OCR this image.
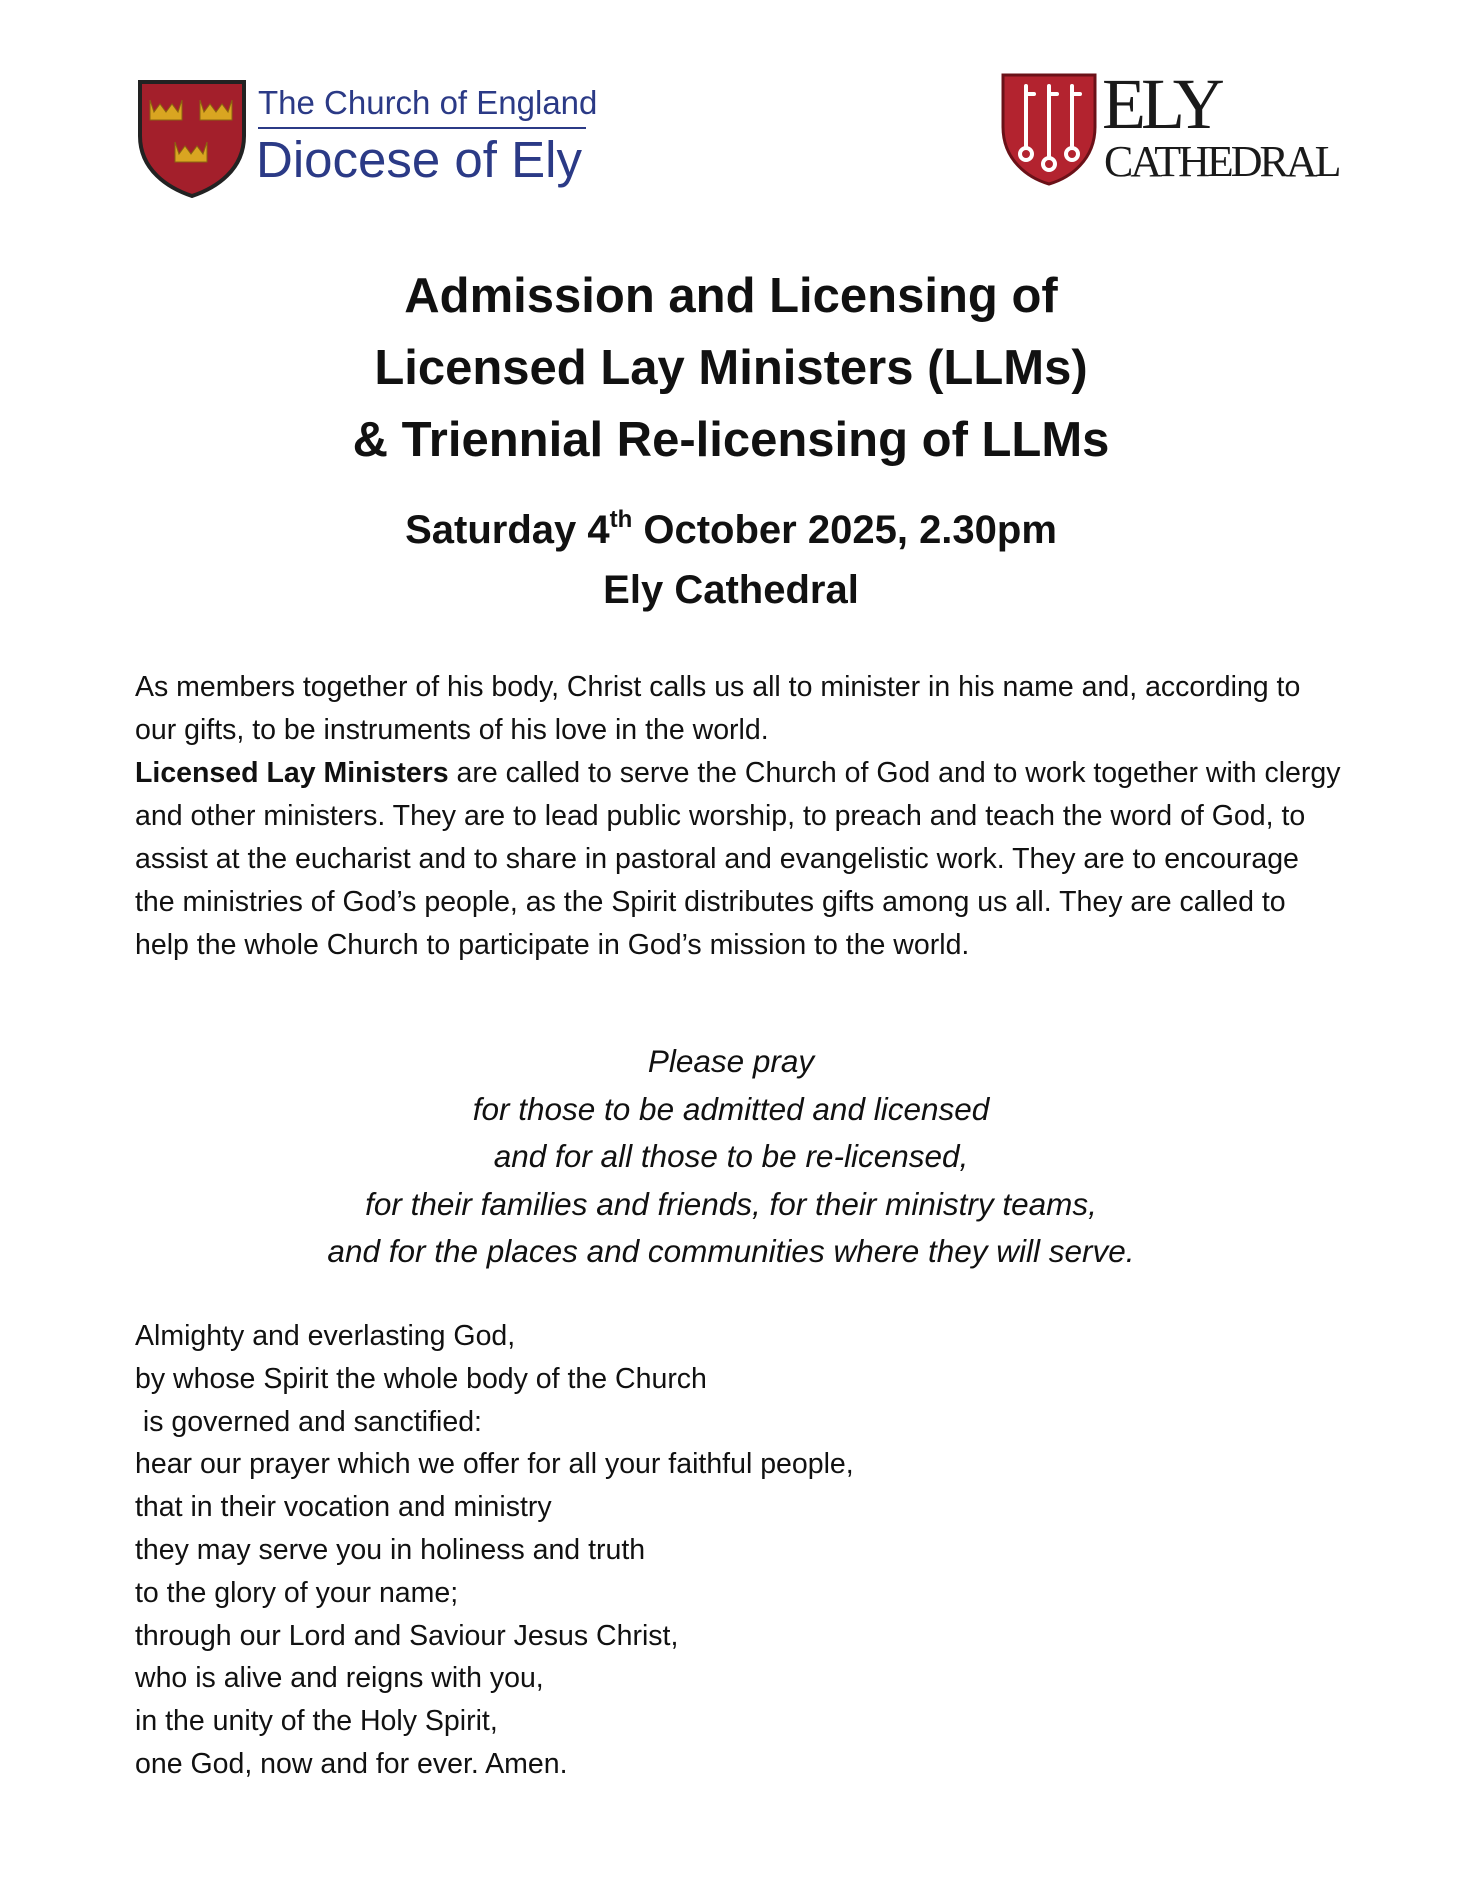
The Church of England
Diocese of Ely
ELY
CATHEDRAL
Admission and Licensing of
Licensed Lay Ministers (LLMs)
& Triennial Re-licensing of LLMs
Saturday 4th October 2025, 2.30pm
Ely Cathedral

As members together of his body, Christ calls us all to minister in his name and, according to our gifts, to be instruments of his love in the world.

Licensed Lay Ministers are called to serve the Church of God and to work together with clergy and other ministers. They are to lead public worship, to preach and teach the word of God, to assist at the eucharist and to share in pastoral and evangelistic work. They are to encourage the ministries of God’s people, as the Spirit distributes gifts among us all. They are called to help the whole Church to participate in God’s mission to the world.

Please pray
for those to be admitted and licensed
and for all those to be re-licensed,
for their families and friends, for their ministry teams,
and for the places and communities where they will serve.
Almighty and everlasting God,
by whose Spirit the whole body of the Church
is governed and sanctified:
hear our prayer which we offer for all your faithful people,
that in their vocation and ministry
they may serve you in holiness and truth
to the glory of your name;
through our Lord and Saviour Jesus Christ,
who is alive and reigns with you,
in the unity of the Holy Spirit,
one God, now and for ever. Amen.
